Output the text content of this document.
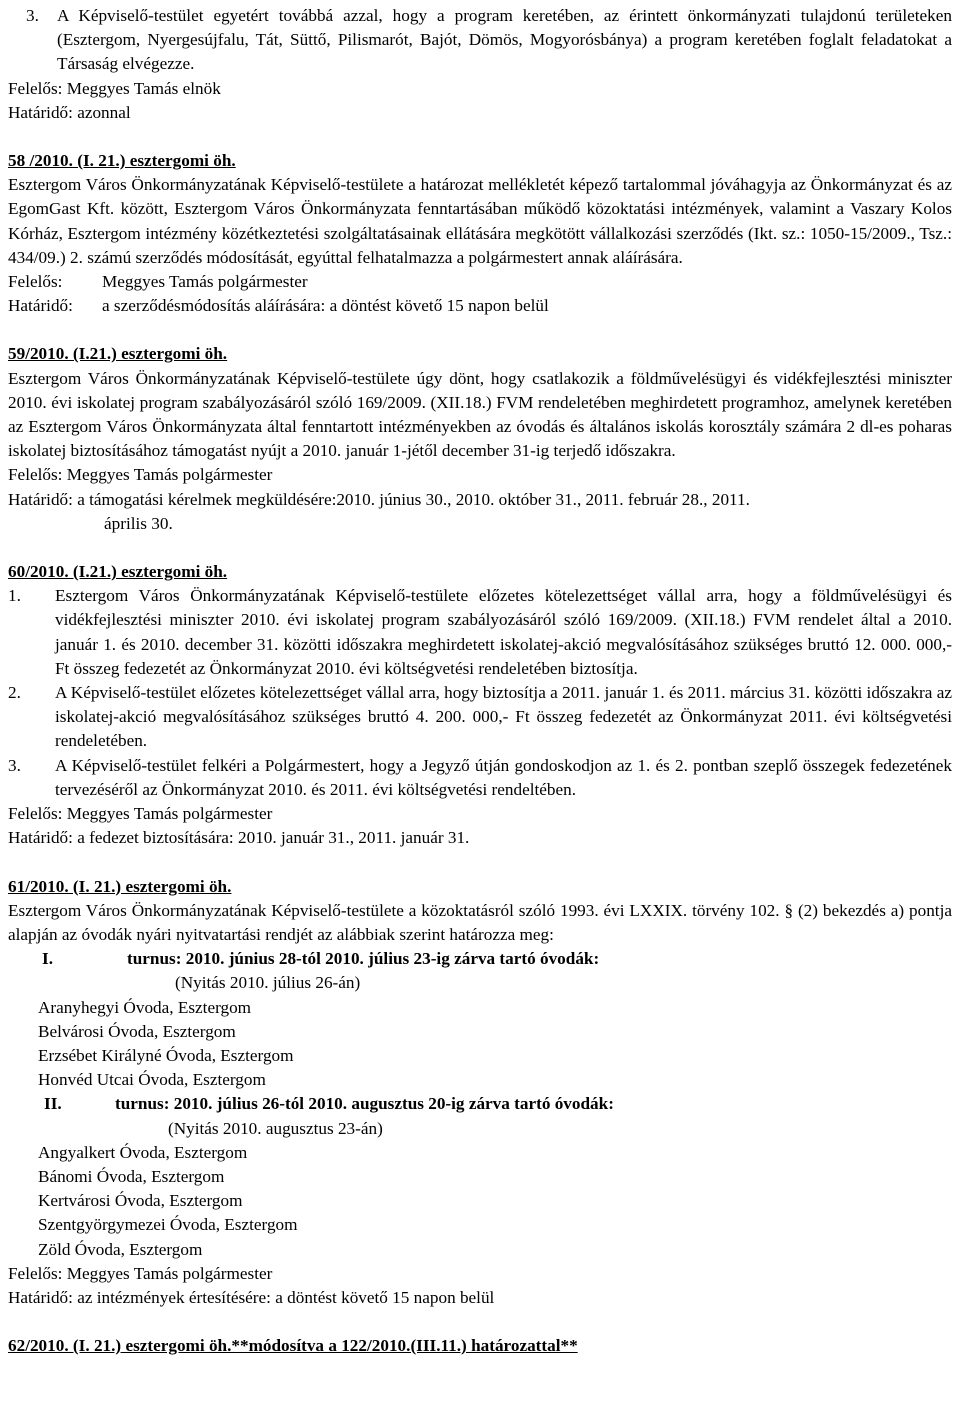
3.	A Képviselő-testület egyetért továbbá azzal, hogy a program keretében, az érintett önkormányzati tulajdonú területeken (Esztergom, Nyergesújfalu, Tát, Süttő, Pilismarót, Bajót, Dömös, Mogyorósbánya) a program keretében foglalt feladatokat a Társaság elvégezze.
Felelős: Meggyes Tamás elnök
Határidő: azonnal
58 /2010. (I. 21.) esztergomi öh.
Esztergom Város Önkormányzatának Képviselő-testülete a határozat mellékletét képező tartalommal jóváhagyja az Önkormányzat és az EgomGast Kft. között, Esztergom Város Önkormányzata fenntartásában működő közoktatási intézmények, valamint a Vaszary Kolos Kórház, Esztergom intézmény közétkeztetési szolgáltatásainak ellátására megkötött vállalkozási szerződés (Ikt. sz.: 1050-15/2009., Tsz.: 434/09.) 2. számú szerződés módosítását, egyúttal felhatalmazza a polgármestert annak aláírására.
Felelős: Meggyes Tamás polgármester
Határidő: a szerződésmódosítás aláírására: a döntést követő 15 napon belül
59/2010. (I.21.) esztergomi öh.
Esztergom Város Önkormányzatának Képviselő-testülete úgy dönt, hogy csatlakozik a földművelésügyi és vidékfejlesztési miniszter 2010. évi iskolatej program szabályozásáról szóló 169/2009. (XII.18.) FVM rendeletében meghirdetett programhoz, amelynek keretében az Esztergom Város Önkormányzata által fenntartott intézményekben az óvodás és általános iskolás korosztály számára 2 dl-es poharas iskolatej biztosításához támogatást nyújt a 2010. január 1-jétől december 31-ig terjedő időszakra.
Felelős: Meggyes Tamás polgármester
Határidő: a támogatási kérelmek megküldésére:2010. június 30., 2010. október 31., 2011. február 28., 2011.
április 30.
60/2010. (I.21.) esztergomi öh.
1.	Esztergom Város Önkormányzatának Képviselő-testülete előzetes kötelezettséget vállal arra, hogy a földművelésügyi és vidékfejlesztési miniszter 2010. évi iskolatej program szabályozásáról szóló 169/2009. (XII.18.) FVM rendelet által a 2010. január 1. és 2010. december 31. közötti időszakra meghirdetett iskolatej-akció megvalósításához szükséges bruttó 12. 000. 000,- Ft összeg fedezetét az Önkormányzat 2010. évi költségvetési rendeletében biztosítja.
2.	A Képviselő-testület előzetes kötelezettséget vállal arra, hogy biztosítja a 2011. január 1. és 2011. március 31. közötti időszakra az iskolatej-akció megvalósításához szükséges bruttó 4. 200. 000,- Ft összeg fedezetét az Önkormányzat 2011. évi költségvetési rendeletében.
3.	A Képviselő-testület felkéri a Polgármestert, hogy a Jegyző útján gondoskodjon az 1. és 2. pontban szeplő összegek fedezetének tervezéséről az Önkormányzat 2010. és 2011. évi költségvetési rendeltében.
Felelős: Meggyes Tamás polgármester
Határidő: a fedezet biztosítására: 2010. január 31., 2011. január 31.
61/2010. (I. 21.) esztergomi öh.
Esztergom Város Önkormányzatának Képviselő-testülete a közoktatásról szóló 1993. évi LXXIX. törvény 102. § (2) bekezdés a) pontja alapján az óvodák nyári nyitvatartási rendjét az alábbiak szerint határozza meg:
I.	turnus: 2010. június 28-tól 2010. július 23-ig zárva tartó óvodák:
(Nyitás 2010. július 26-án)
Aranyhegyi Óvoda, Esztergom
Belvárosi Óvoda, Esztergom
Erzsébet Királyné Óvoda, Esztergom
Honvéd Utcai Óvoda, Esztergom
II.	turnus: 2010. július 26-tól 2010. augusztus 20-ig zárva tartó óvodák:
(Nyitás 2010. augusztus 23-án)
Angyalkert Óvoda, Esztergom
Bánomi Óvoda, Esztergom
Kertvárosi Óvoda, Esztergom
Szentgyörgymezei Óvoda, Esztergom
Zöld Óvoda, Esztergom
Felelős: Meggyes Tamás polgármester
Határidő: az intézmények értesítésére: a döntést követő 15 napon belül
62/2010. (I. 21.) esztergomi öh.**módosítva a 122/2010.(III.11.) határozattal**
